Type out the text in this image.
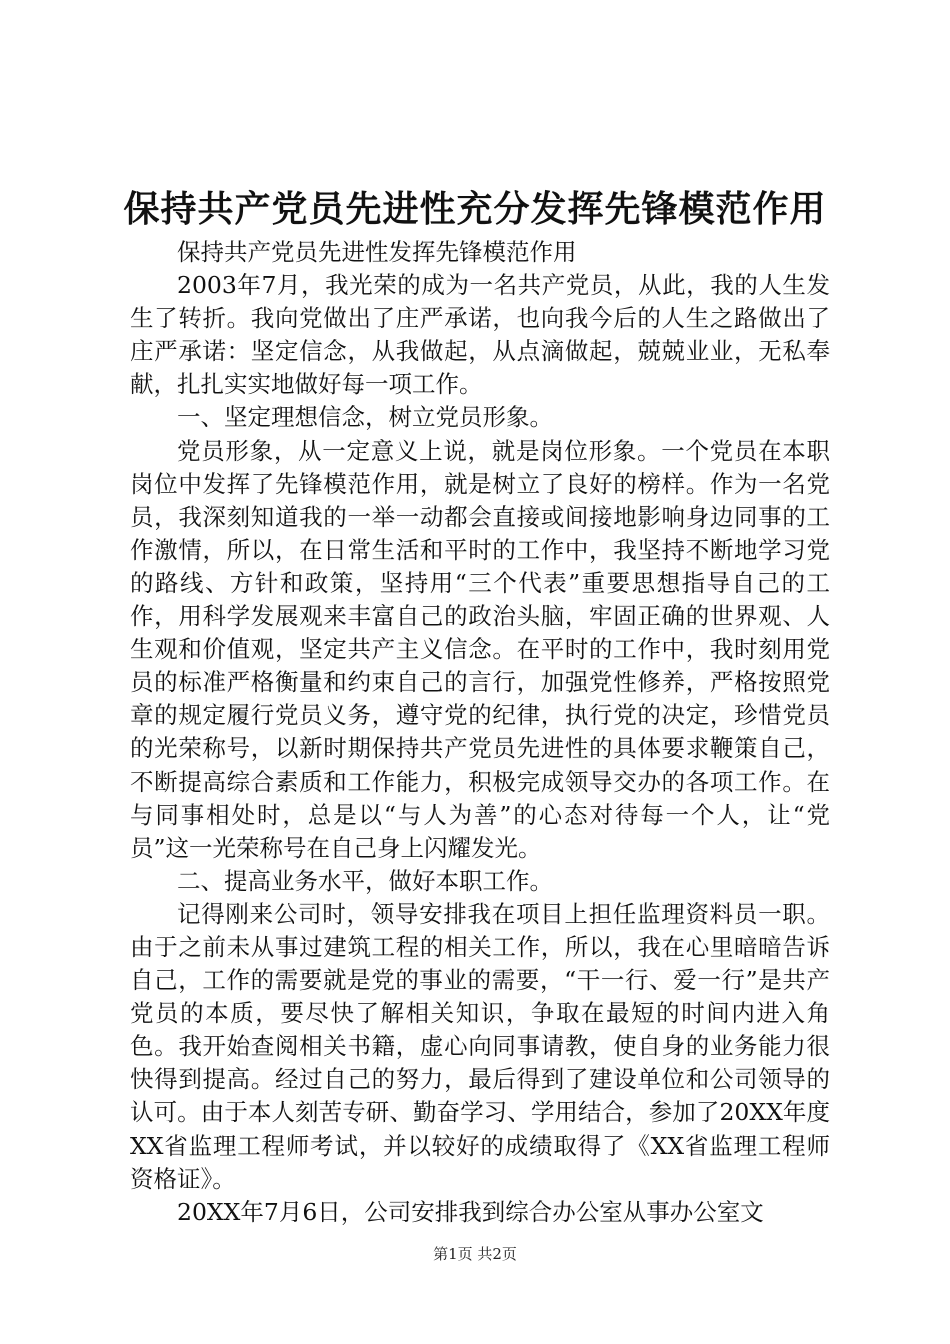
保持共产党员先进性充分发挥先锋模范作用

保持共产党员先进性发挥先锋模范作用

2003年7月，我光荣的成为一名共产党员，从此，我的人生发生了转折。我向党做出了庄严承诺，也向我今后的人生之路做出了庄严承诺：坚定信念，从我做起，从点滴做起，兢兢业业，无私奉献，扎扎实实地做好每一项工作。

一、坚定理想信念，树立党员形象。

党员形象，从一定意义上说，就是岗位形象。一个党员在本职岗位中发挥了先锋模范作用，就是树立了良好的榜样。作为一名党员，我深刻知道我的一举一动都会直接或间接地影响身边同事的工作激情，所以，在日常生活和平时的工作中，我坚持不断地学习党的路线、方针和政策，坚持用“三个代表”重要思想指导自己的工作，用科学发展观来丰富自己的政治头脑，牢固正确的世界观、人生观和价值观，坚定共产主义信念。在平时的工作中，我时刻用党员的标准严格衡量和约束自己的言行，加强党性修养，严格按照党章的规定履行党员义务，遵守党的纪律，执行党的决定，珍惜党员的光荣称号，以新时期保持共产党员先进性的具体要求鞭策自己，不断提高综合素质和工作能力，积极完成领导交办的各项工作。在与同事相处时，总是以“与人为善”的心态对待每一个人，让“党员”这一光荣称号在自己身上闪耀发光。

二、提高业务水平，做好本职工作。

记得刚来公司时，领导安排我在项目上担任监理资料员一职。由于之前未从事过建筑工程的相关工作，所以，我在心里暗暗告诉自己，工作的需要就是党的事业的需要，“干一行、爱一行”是共产党员的本质，要尽快了解相关知识，争取在最短的时间内进入角色。我开始查阅相关书籍，虚心向同事请教，使自身的业务能力很快得到提高。经过自己的努力，最后得到了建设单位和公司领导的认可。由于本人刻苦专研、勤奋学习、学用结合，参加了20XX年度XX省监理工程师考试，并以较好的成绩取得了《XX省监理工程师资格证》。

20XX年7月6日，公司安排我到综合办公室从事办公室文

第1页 共2页
